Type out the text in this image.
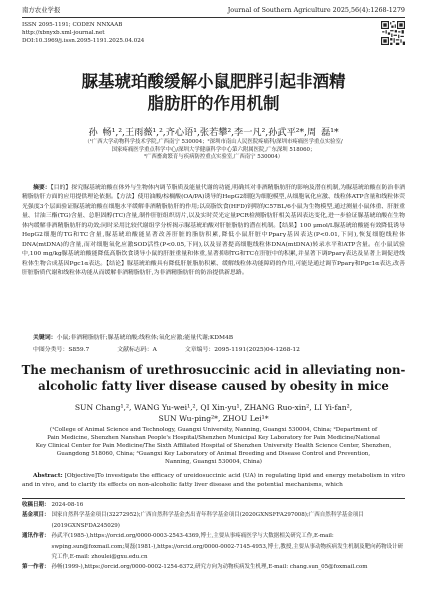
南方农业学报	Journal of Southern Agriculture 2025,56(4):1268-1279
ISSN 2095-1191; CODEN NNXAAB
http://xbnyxb.xml-journal.net
DOI:10.3969/j.issn.2095-1191.2025.04.024
脲基琥珀酸缓解小鼠肥胖引起非酒精
脂肪肝的作用机制
孙 畅¹,²,王雨薇¹,²,齐心语¹,张若攀²,李一凡²,孙武平²*,周 磊¹*
（¹广西大学动物科学技术学院,广西南宁 530004；²深圳市南山人民医院疼痛科/深圳市疼痛医学重点实验室/
国家疼痛医学重点科学中心/深圳大学健康科学中心第六附属医院,广东深圳 518060；
³广西畜禽繁育与疾病防控重点实验室,广西南宁 530004）
摘要：【目的】探究脲基琥珀酸在体外与生物体内调节脂质及能量代谢的功能,明确其对非酒精脂肪肝的影响及潜在机制,为脲基琥珀酸在防治非酒精脂肪肝方面的应用提供理论依据。【方法】使用油酸/棕榈酸(OA/PA)诱导的HepG2细胞为细胞模型,从细胞氧化应激、线粒体ATP含量和线粒体荧光强度3个层面验证脲基琥珀酸在细胞水平缓解非酒精脂肪肝的作用;以高脂饮食(HFD)饲喂的C57BL/6小鼠为生物模型,通过测量小鼠体重、肝脏重量、甘油三酯(TG)含量、总胆固醇(TC)含量,制作肝脏组织切片,以及实时荧光定量PCR检测脂肪肝相关基因表达变化,进一步验证脲基琥珀酸在生物体内缓解非酒精脂肪肝的功效;同时采用比较代谢组学分析揭示脲基琥珀酸对肝脏脂肪的潜在机制。【结果】100 μmol/L脲基琥珀酸能有效降低诱导HepG2细胞的TG和TC含量,脲基琥珀酸能显著改善肝脏的脂肪积累,降低小鼠肝脏中Pparγ基因表达(P<0.01,下同),恢复细胞线粒体DNA(mtDNA)的含量,而对细胞氧化应激SOD活性(P<0.05,下同),以及显著提高细胞线粒体DNA(mtDNA)转录水平和ATP含量。在小鼠试验中,100 mg/kg脲基琥珀酸能降低高脂饮食诱导小鼠的肝脏重量和体重,显著抑制TG和TC在肝脏中的积累,并显著下调Pparγ表达及显著上调促进线粒体生物合成基因Pgc1α表达。【结论】脲基琥珀酸具有降低肝脏脂肪积累、缓解线粒体功能障碍的作用,可能是通过调节Pparγ和Pgc1α表达,改善肝脏脂质代谢和线粒体功能从而缓解非酒精脂肪肝,为非酒精脂肪肝的防治提供新思路。
关键词：小鼠;非酒精脂肪肝;脲基琥珀酸;线粒体;氧化应激;能量代谢;KDM4B
中图分类号：S859.7	文献标志码：A	文章编号：2095-1191(2025)04-1268-12
The mechanism of urethrosuccinic acid in alleviating non-
alcoholic fatty liver disease caused by obesity in mice
SUN Chang¹,², WANG Yu-wei¹,², QI Xin-yu¹, ZHANG Ruo-xin², LI Yi-fan²,
SUN Wu-ping²*, ZHOU Lei¹*
(¹College of Animal Science and Technology, Guangxi University, Nanning, Guangxi 530004, China; ²Department of
Pain Medicine, Shenzhen Nanshan People's Hospital/Shenzhen Municipal Key Laboratory for Pain Medicine/National
Key Clinical Center for Pain Medicine/The Sixth Affiliated Hospital of Shenzhen University Health Science Center, Shenzhen,
Guangdong 518060, China; ³Guangxi Key Laboratory of Animal Breeding and Disease Control and Prevention,
Nanning, Guangxi 530004, China)
Abstract: [Objective]To investigate the efficacy of ureidosuccinic acid (UA) in regulating lipid and energy metabolism in vitro and in vivo, and to clarify its effects on non-alcoholic fatty liver disease and the potential mechanisms, which
收稿日期： 2024-08-16
基金项目： 国家自然科学基金项目(32272952);广西自然科学基金杰出青年科学基金项目(2020GXNSFFA297008);广西自然科学基金项目(2019GXNSFDA245029)
通讯作者： 孙武平(1985-),https://orcid.org/0000-0003-2543-4369,博士,主要从事疼痛医学与大数据相关研究工作,E-mail: swping.sun@foxmail.com;周磊(1981-),https://orcid.org/0000-0002-7145-4953,博士,教授,主要从事动物疾病发生机制及靶向药物设计研究工作,E-mail: zhoulei@gxu.edu.cn
第一作者： 孙畅(1999-),https://orcid.org/0000-0002-1254-6372,研究方向为动物疾病发生机理,E-mail: chang.sun_05@foxmail.com
